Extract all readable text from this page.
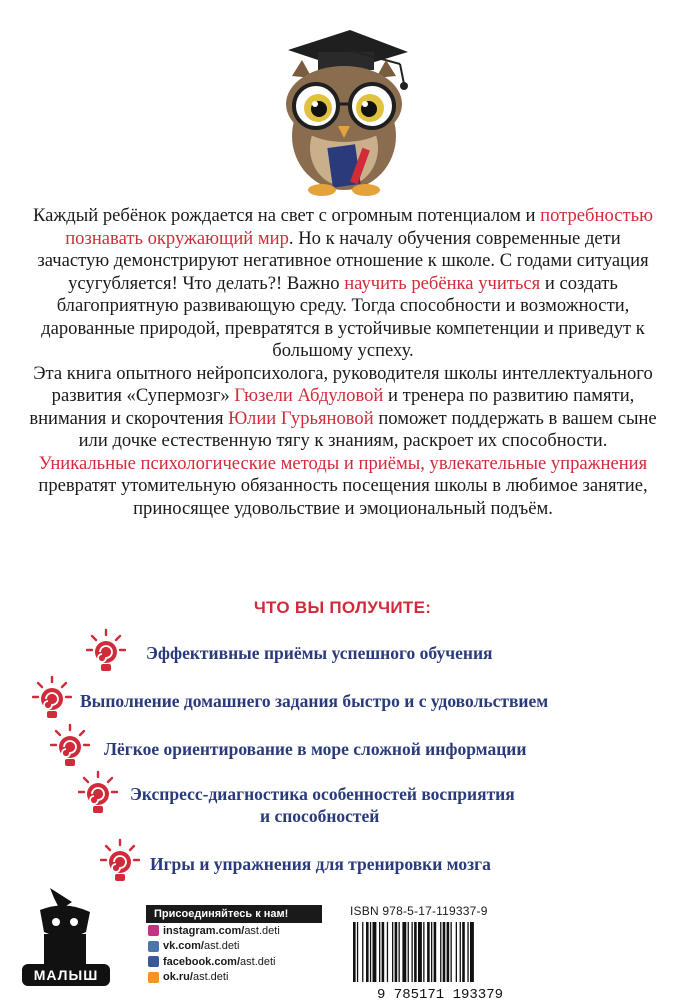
Каждый ребёнок рождается на свет с огромным потенциалом и потребностью познавать окружающий мир. Но к началу обучения современные дети зачастую демонстрируют негативное отношение к школе. С годами ситуация усугубляется! Что делать?! Важно научить ребёнка учиться и создать благоприятную развивающую среду. Тогда способности и возможности, дарованные природой, превратятся в устойчивые компетенции и приведут к большому успеху.

Эта книга опытного нейропсихолога, руководителя школы интеллектуального развития «Супермозг» Гюзели Абдуловой и тренера по развитию памяти, внимания и скорочтения Юлии Гурьяновой поможет поддержать в вашем сыне или дочке естественную тягу к знаниям, раскроет их способности.

Уникальные психологические методы и приёмы, увлекательные упражнения превратят утомительную обязанность посещения школы в любимое занятие, приносящее удовольствие и эмоциональный подъём.

ЧТО ВЫ ПОЛУЧИТЕ:
Эффективные приёмы успешного обучения
Выполнение домашнего задания быстро и с удовольствием
Лёгкое ориентирование в море сложной информации
Экспресс-диагностика особенностей восприятия
и способностей
Игры и упражнения для тренировки мозга
МАЛЫШ
Присоединяйтесь к нам!
instagram.com/ ast.deti
vk.com/ ast.deti
facebook.com/ ast.deti
ok.ru/ ast.deti
ISBN 978-5-17-119337-9
9 785171 193379
